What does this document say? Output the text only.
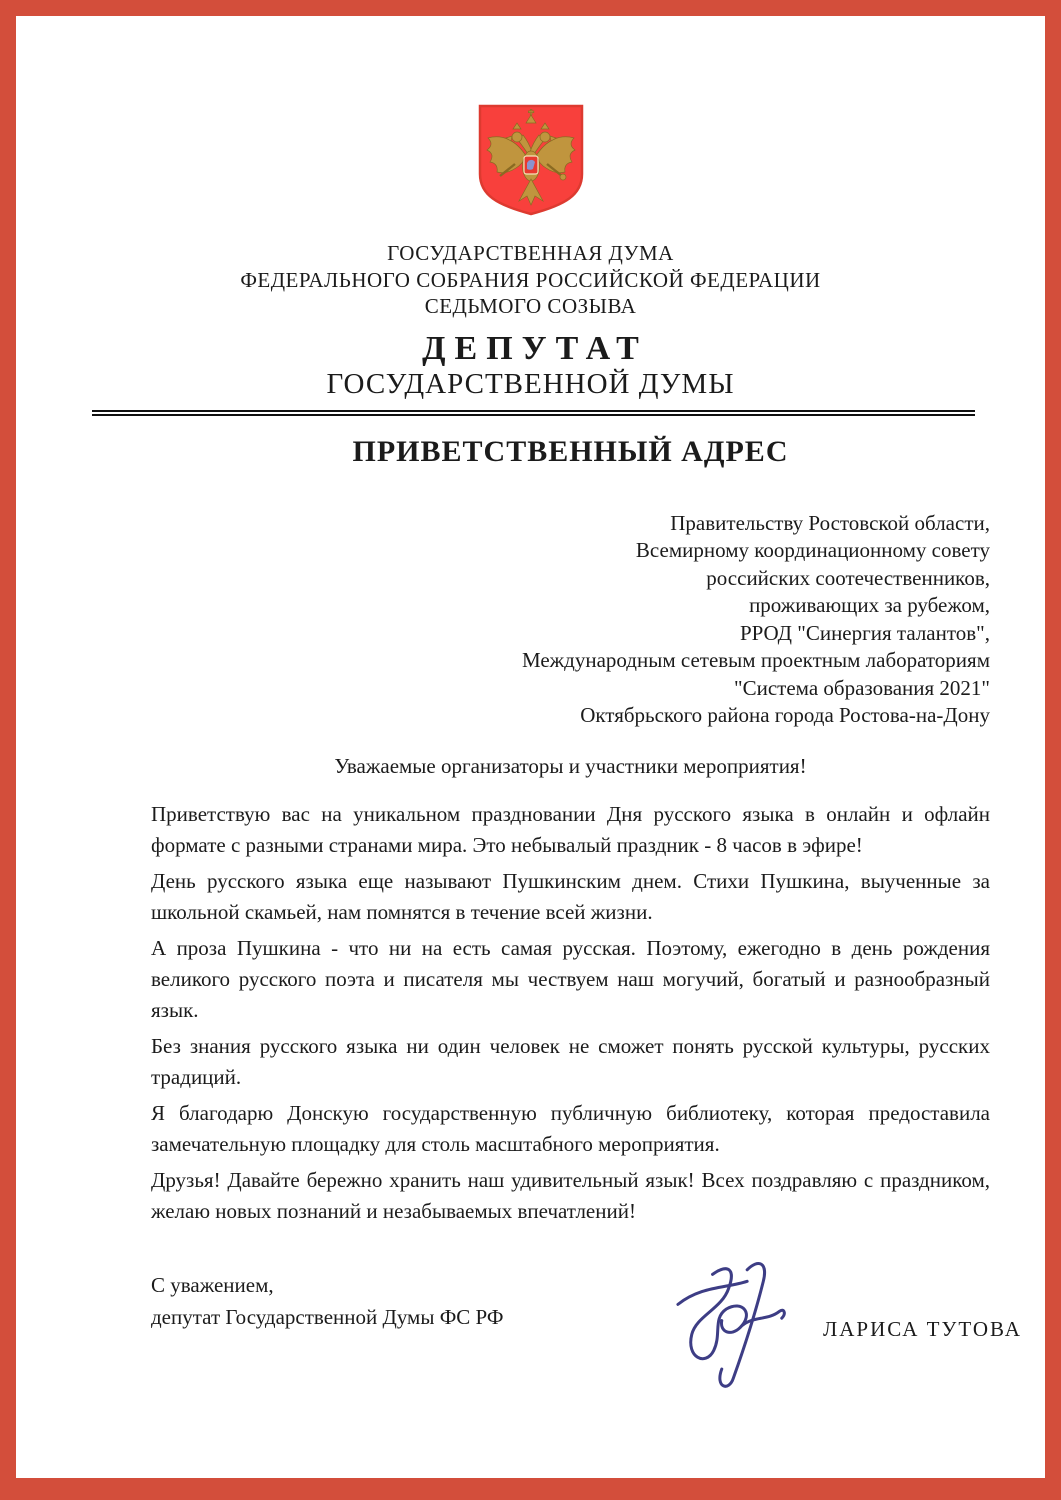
ГОСУДАРСТВЕННАЯ ДУМА
ФЕДЕРАЛЬНОГО СОБРАНИЯ РОССИЙСКОЙ ФЕДЕРАЦИИ
СЕДЬМОГО СОЗЫВА
ДЕПУТАТ
ГОСУДАРСТВЕННОЙ ДУМЫ
ПРИВЕТСТВЕННЫЙ АДРЕС
Правительству Ростовской области,
Всемирному координационному совету
российских соотечественников,
проживающих за рубежом,
РРОД "Синергия талантов",
Международным сетевым проектным лабораториям
"Система образования 2021"
Октябрьского района города Ростова-на-Дону
Уважаемые организаторы и участники мероприятия!

Приветствую вас на уникальном праздновании Дня русского языка в онлайн и офлайн формате с разными странами мира. Это небывалый праздник - 8 часов в эфире!

День русского языка еще называют Пушкинским днем. Стихи Пушкина, выученные за школьной скамьей, нам помнятся в течение всей жизни.

А проза Пушкина - что ни на есть самая русская. Поэтому, ежегодно в день рождения великого русского поэта и писателя мы чествуем наш могучий, богатый и разнообразный язык.

Без знания русского языка ни один человек не сможет понять русской культуры, русских традиций.

Я благодарю Донскую государственную публичную библиотеку, которая предоставила замечательную площадку для столь масштабного мероприятия.

Друзья! Давайте бережно хранить наш удивительный язык! Всех поздравляю с праздником, желаю новых познаний и незабываемых впечатлений!

С уважением,
депутат Государственной Думы ФС РФ	ЛАРИСА ТУТОВА
